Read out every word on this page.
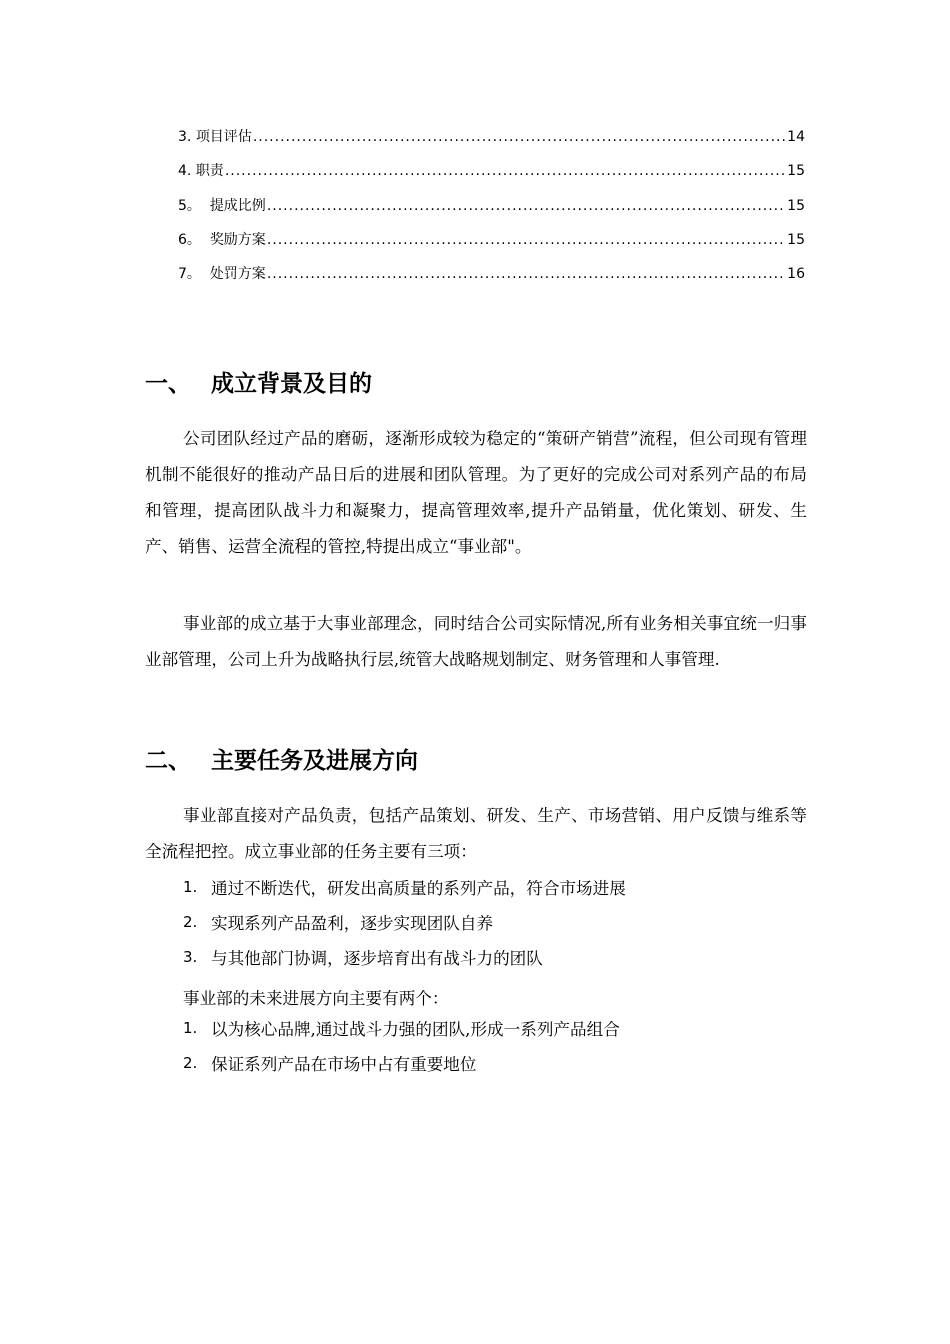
3. 项目评估 .....	14
4. 职责 .....	15
5。 提成比例 .....	15
6。 奖励方案 .....	15
7。 处罚方案 .....	16
一、 成立背景及目的

公司团队经过产品的磨砺，逐渐形成较为稳定的“策研产销营”流程，但公司现有管理机制不能很好的推动产品日后的进展和团队管理。为了更好的完成公司对系列产品的布局和管理，提高团队战斗力和凝聚力，提高管理效率,提升产品销量，优化策划、研发、生产、销售、运营全流程的管控,特提出成立“事业部"。

事业部的成立基于大事业部理念，同时结合公司实际情况,所有业务相关事宜统一归事业部管理，公司上升为战略执行层,统管大战略规划制定、财务管理和人事管理.

二、 主要任务及进展方向

事业部直接对产品负责，包括产品策划、研发、生产、市场营销、用户反馈与维系等全流程把控。成立事业部的任务主要有三项：

1. 通过不断迭代，研发出高质量的系列产品，符合市场进展
2. 实现系列产品盈利，逐步实现团队自养
3. 与其他部门协调，逐步培育出有战斗力的团队
事业部的未来进展方向主要有两个：
1. 以为核心品牌,通过战斗力强的团队,形成一系列产品组合
2. 保证系列产品在市场中占有重要地位
